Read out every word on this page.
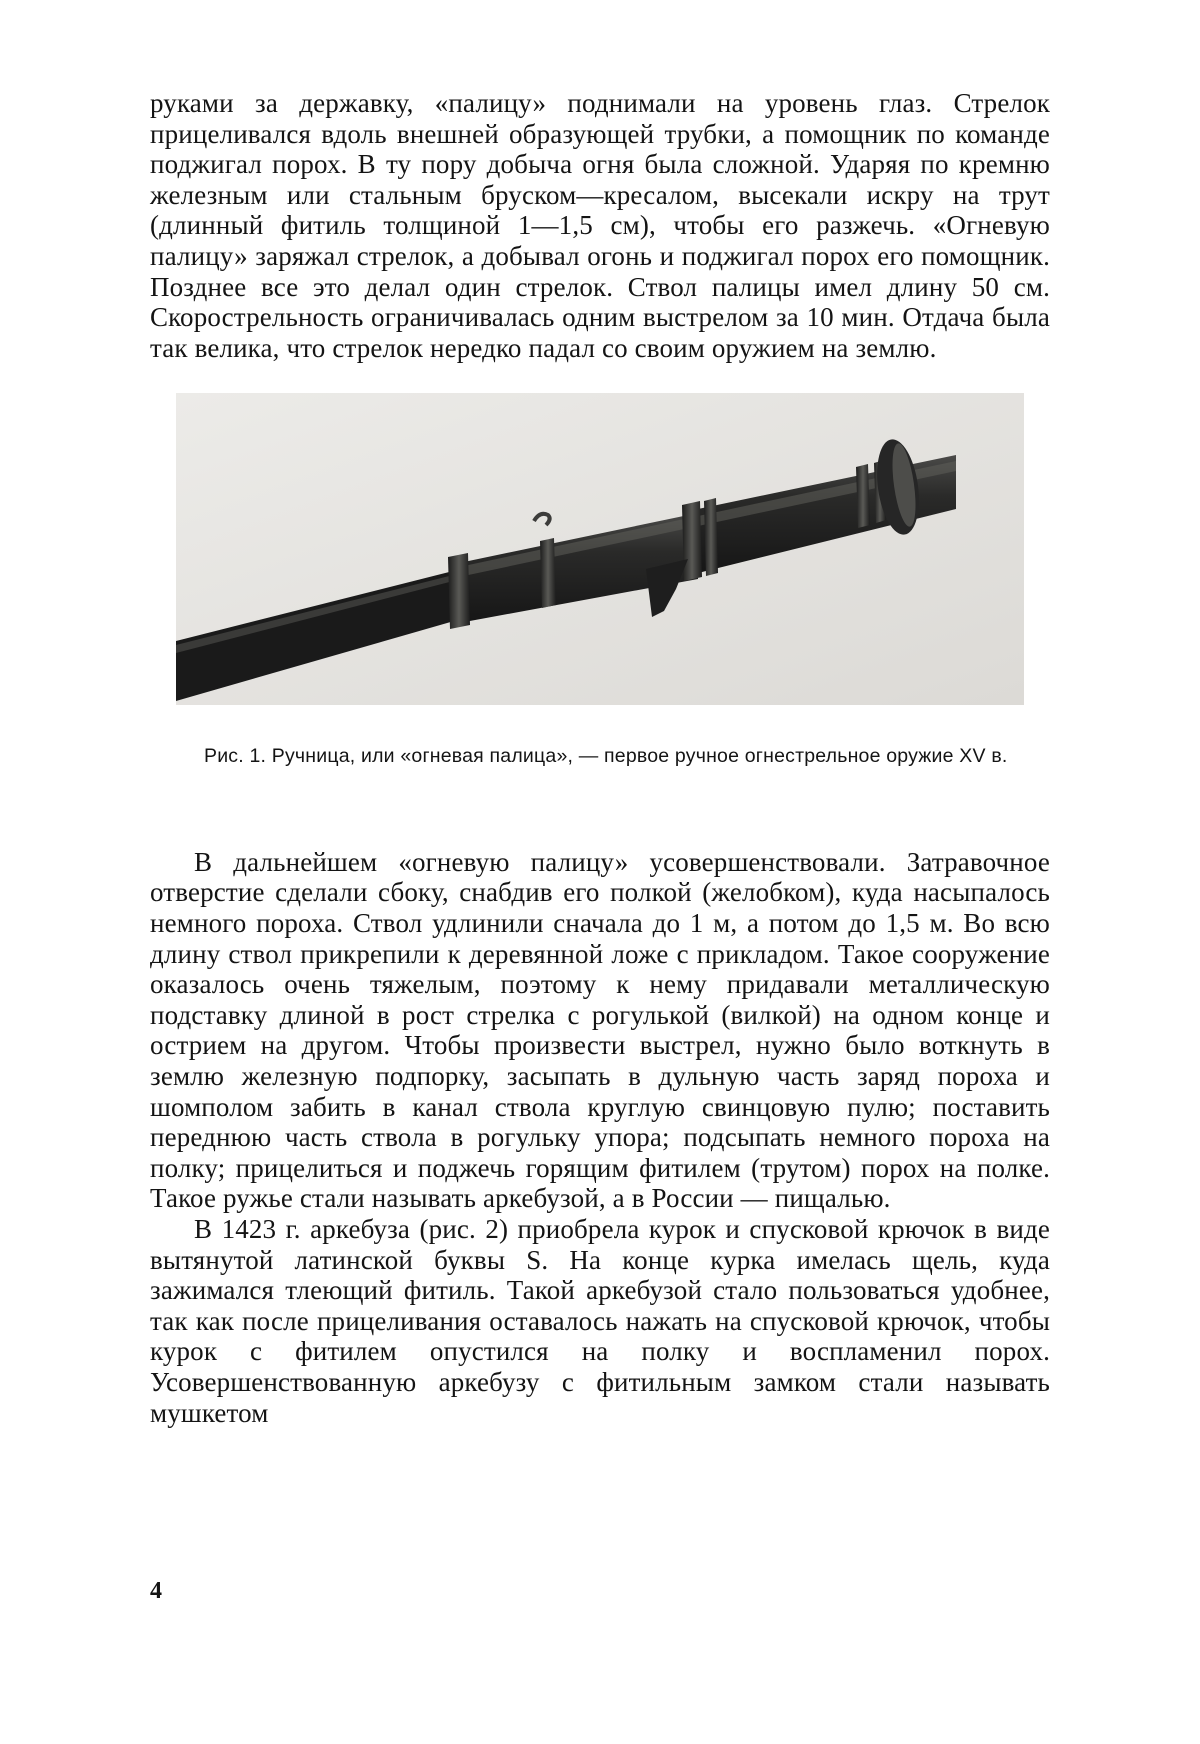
руками за державку, «палицу» поднимали на уровень глаз. Стрелок прицеливался вдоль внешней образующей трубки, а помощник по команде поджигал порох. В ту пору добыча огня была сложной. Ударяя по кремню железным или стальным бруском—кресалом, высекали искру на трут (длинный фитиль толщиной 1—1,5 см), чтобы его разжечь. «Огневую палицу» заряжал стрелок, а добывал огонь и поджигал порох его помощник. Позднее все это делал один стрелок. Ствол палицы имел длину 50 см. Скорострельность ограничивалась одним выстрелом за 10 мин. Отдача была так велика, что стрелок нередко падал со своим оружием на землю.

Рис. 1. Ручница, или «огневая палица», — первое ручное огнестрельное оружие XV в.

В дальнейшем «огневую палицу» усовершенствовали. Затравочное отверстие сделали сбоку, снабдив его полкой (желобком), куда насыпалось немного пороха. Ствол удлинили сначала до 1 м, а потом до 1,5 м. Во всю длину ствол прикрепили к деревянной ложе с прикладом. Такое сооружение оказалось очень тяжелым, поэтому к нему придавали металлическую подставку длиной в рост стрелка с рогулькой (вилкой) на одном конце и острием на другом. Чтобы произвести выстрел, нужно было воткнуть в землю железную подпорку, засыпать в дульную часть заряд пороха и шомполом забить в канал ствола круглую свинцовую пулю; поставить переднюю часть ствола в рогульку упора; подсыпать немного пороха на полку; прицелиться и поджечь горящим фитилем (трутом) порох на полке. Такое ружье стали называть аркебузой, а в России — пищалью.

В 1423 г. аркебуза (рис. 2) приобрела курок и спусковой крючок в виде вытянутой латинской буквы S. На конце курка имелась щель, куда зажимался тлеющий фитиль. Такой аркебузой стало пользоваться удобнее, так как после прицеливания оставалось нажать на спусковой крючок, чтобы курок с фитилем опустился на полку и воспламенил порох. Усовершенствованную аркебузу с фитильным замком стали называть мушкетом

4
